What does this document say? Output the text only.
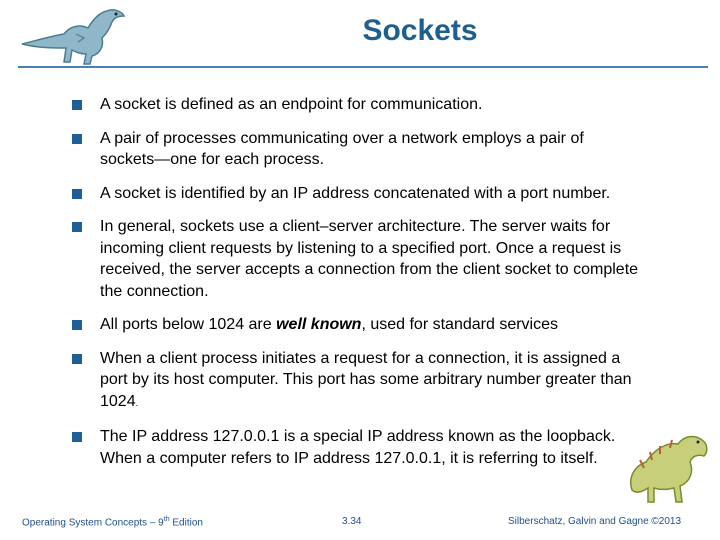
Sockets
A socket is defined as an endpoint for communication.
A pair of processes communicating over a network employs a pair of sockets—one for each process.
A socket is identified by an IP address concatenated with a port number.
In general, sockets use a client–server architecture. The server waits for incoming client requests by listening to a specified port. Once a request is received, the server accepts a connection from the client socket to complete the connection.
All ports below 1024 are well known, used for standard services
When a client process initiates a request for a connection, it is assigned a port by its host computer. This port has some arbitrary number greater than 1024.
The IP address 127.0.0.1 is a special IP address known as the loopback. When a computer refers to IP address 127.0.0.1, it is referring to itself.
Operating System Concepts – 9th Edition	3.34	Silberschatz, Galvin and Gagne ©2013
